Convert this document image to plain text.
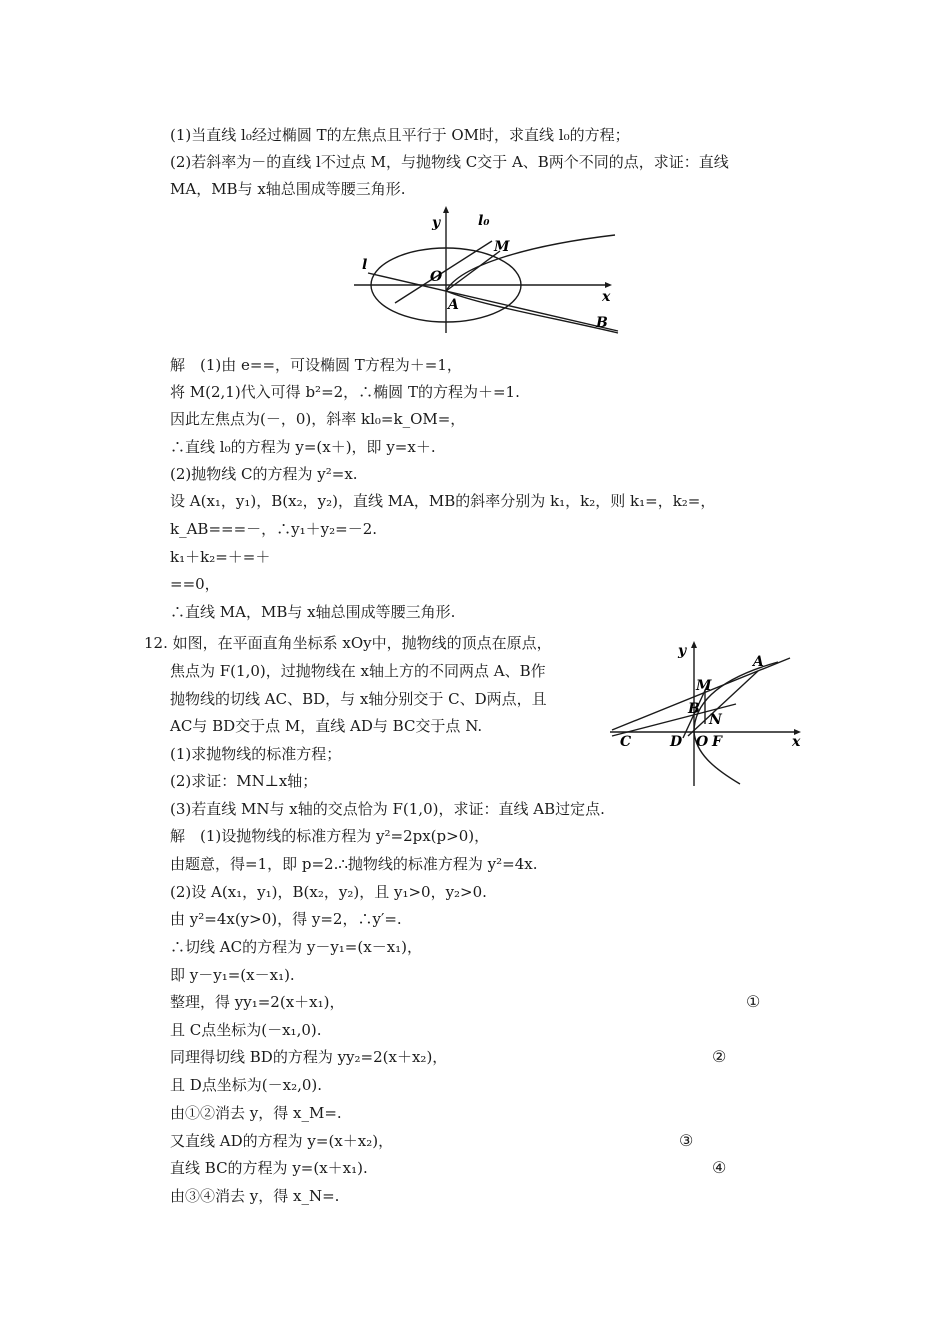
(1)当直线 l₀经过椭圆 T的左焦点且平行于 OM时，求直线 l₀的方程；
(2)若斜率为－的直线 l不过点 M，与抛物线 C交于 A、B两个不同的点，求证：直线
MA，MB与 x轴总围成等腰三角形.
y	l₀
M
l
O
A	x
B
解　(1)由 e==，可设椭圆 T方程为＋=1，
将 M(2,1)代入可得 b²=2，∴椭圆 T的方程为＋=1.
因此左焦点为(－，0)，斜率 kl₀=k_OM=，
∴直线 l₀的方程为 y=(x＋)，即 y=x＋.
(2)抛物线 C的方程为 y²=x.
设 A(x₁，y₁)，B(x₂，y₂)，直线 MA，MB的斜率分别为 k₁，k₂，则 k₁=，k₂=，
k_AB===－，∴y₁＋y₂=－2.
k₁＋k₂=＋=＋
==0，
∴直线 MA，MB与 x轴总围成等腰三角形.
12. 如图，在平面直角坐标系 xOy中，抛物线的顶点在原点，
焦点为 F(1,0)，过抛物线在 x轴上方的不同两点 A、B作
抛物线的切线 AC、BD，与 x轴分别交于 C、D两点，且
AC与 BD交于点 M，直线 AD与 BC交于点 N.
(1)求抛物线的标准方程；
(2)求证：MN⊥x轴；
y
A
M
B
N
C	D O F	x
(3)若直线 MN与 x轴的交点恰为 F(1,0)，求证：直线 AB过定点.
解　(1)设抛物线的标准方程为 y²=2px(p>0)，
由题意，得=1，即 p=2.∴抛物线的标准方程为 y²=4x.
(2)设 A(x₁，y₁)，B(x₂，y₂)，且 y₁>0，y₂>0.
由 y²=4x(y>0)，得 y=2，∴y′=.
∴切线 AC的方程为 y－y₁=(x－x₁)，
即 y－y₁=(x－x₁).
整理，得 yy₁=2(x＋x₁)，	①
且 C点坐标为(－x₁,0).
同理得切线 BD的方程为 yy₂=2(x＋x₂)，	②
且 D点坐标为(－x₂,0).
由①②消去 y，得 x_M=.
又直线 AD的方程为 y=(x＋x₂)，	③
直线 BC的方程为 y=(x＋x₁).	④
由③④消去 y，得 x_N=.
